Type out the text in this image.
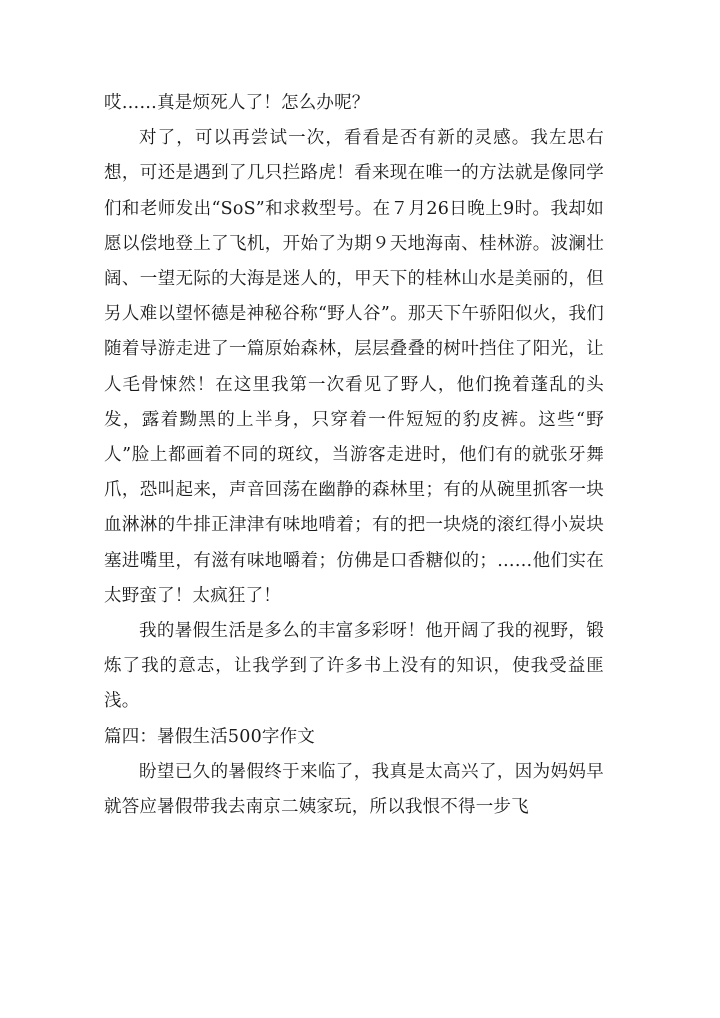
哎……真是烦死人了！怎么办呢？

对了，可以再尝试一次，看看是否有新的灵感。我左思右想，可还是遇到了几只拦路虎！看来现在唯一的方法就是像同学们和老师发出“SoS”和求救型号。在７月26日晚上9时。我却如愿以偿地登上了飞机，开始了为期９天地海南、桂林游。波澜壮阔、一望无际的大海是迷人的，甲天下的桂林山水是美丽的，但另人难以望怀德是神秘谷称“野人谷”。那天下午骄阳似火，我们随着导游走进了一篇原始森林，层层叠叠的树叶挡住了阳光，让人毛骨悚然！在这里我第一次看见了野人，他们挽着蓬乱的头发，露着黝黑的上半身，只穿着一件短短的豹皮裤。这些“野人”脸上都画着不同的斑纹，当游客走进时，他们有的就张牙舞爪，恐叫起来，声音回荡在幽静的森林里；有的从碗里抓客一块血淋淋的牛排正津津有味地啃着；有的把一块烧的滚红得小炭块塞进嘴里，有滋有味地嚼着；仿佛是口香糖似的；……他们实在太野蛮了！太疯狂了！

我的暑假生活是多么的丰富多彩呀！他开阔了我的视野，锻炼了我的意志，让我学到了许多书上没有的知识，使我受益匪浅。

篇四：暑假生活500字作文

盼望已久的暑假终于来临了，我真是太高兴了，因为妈妈早就答应暑假带我去南京二姨家玩，所以我恨不得一步飞
